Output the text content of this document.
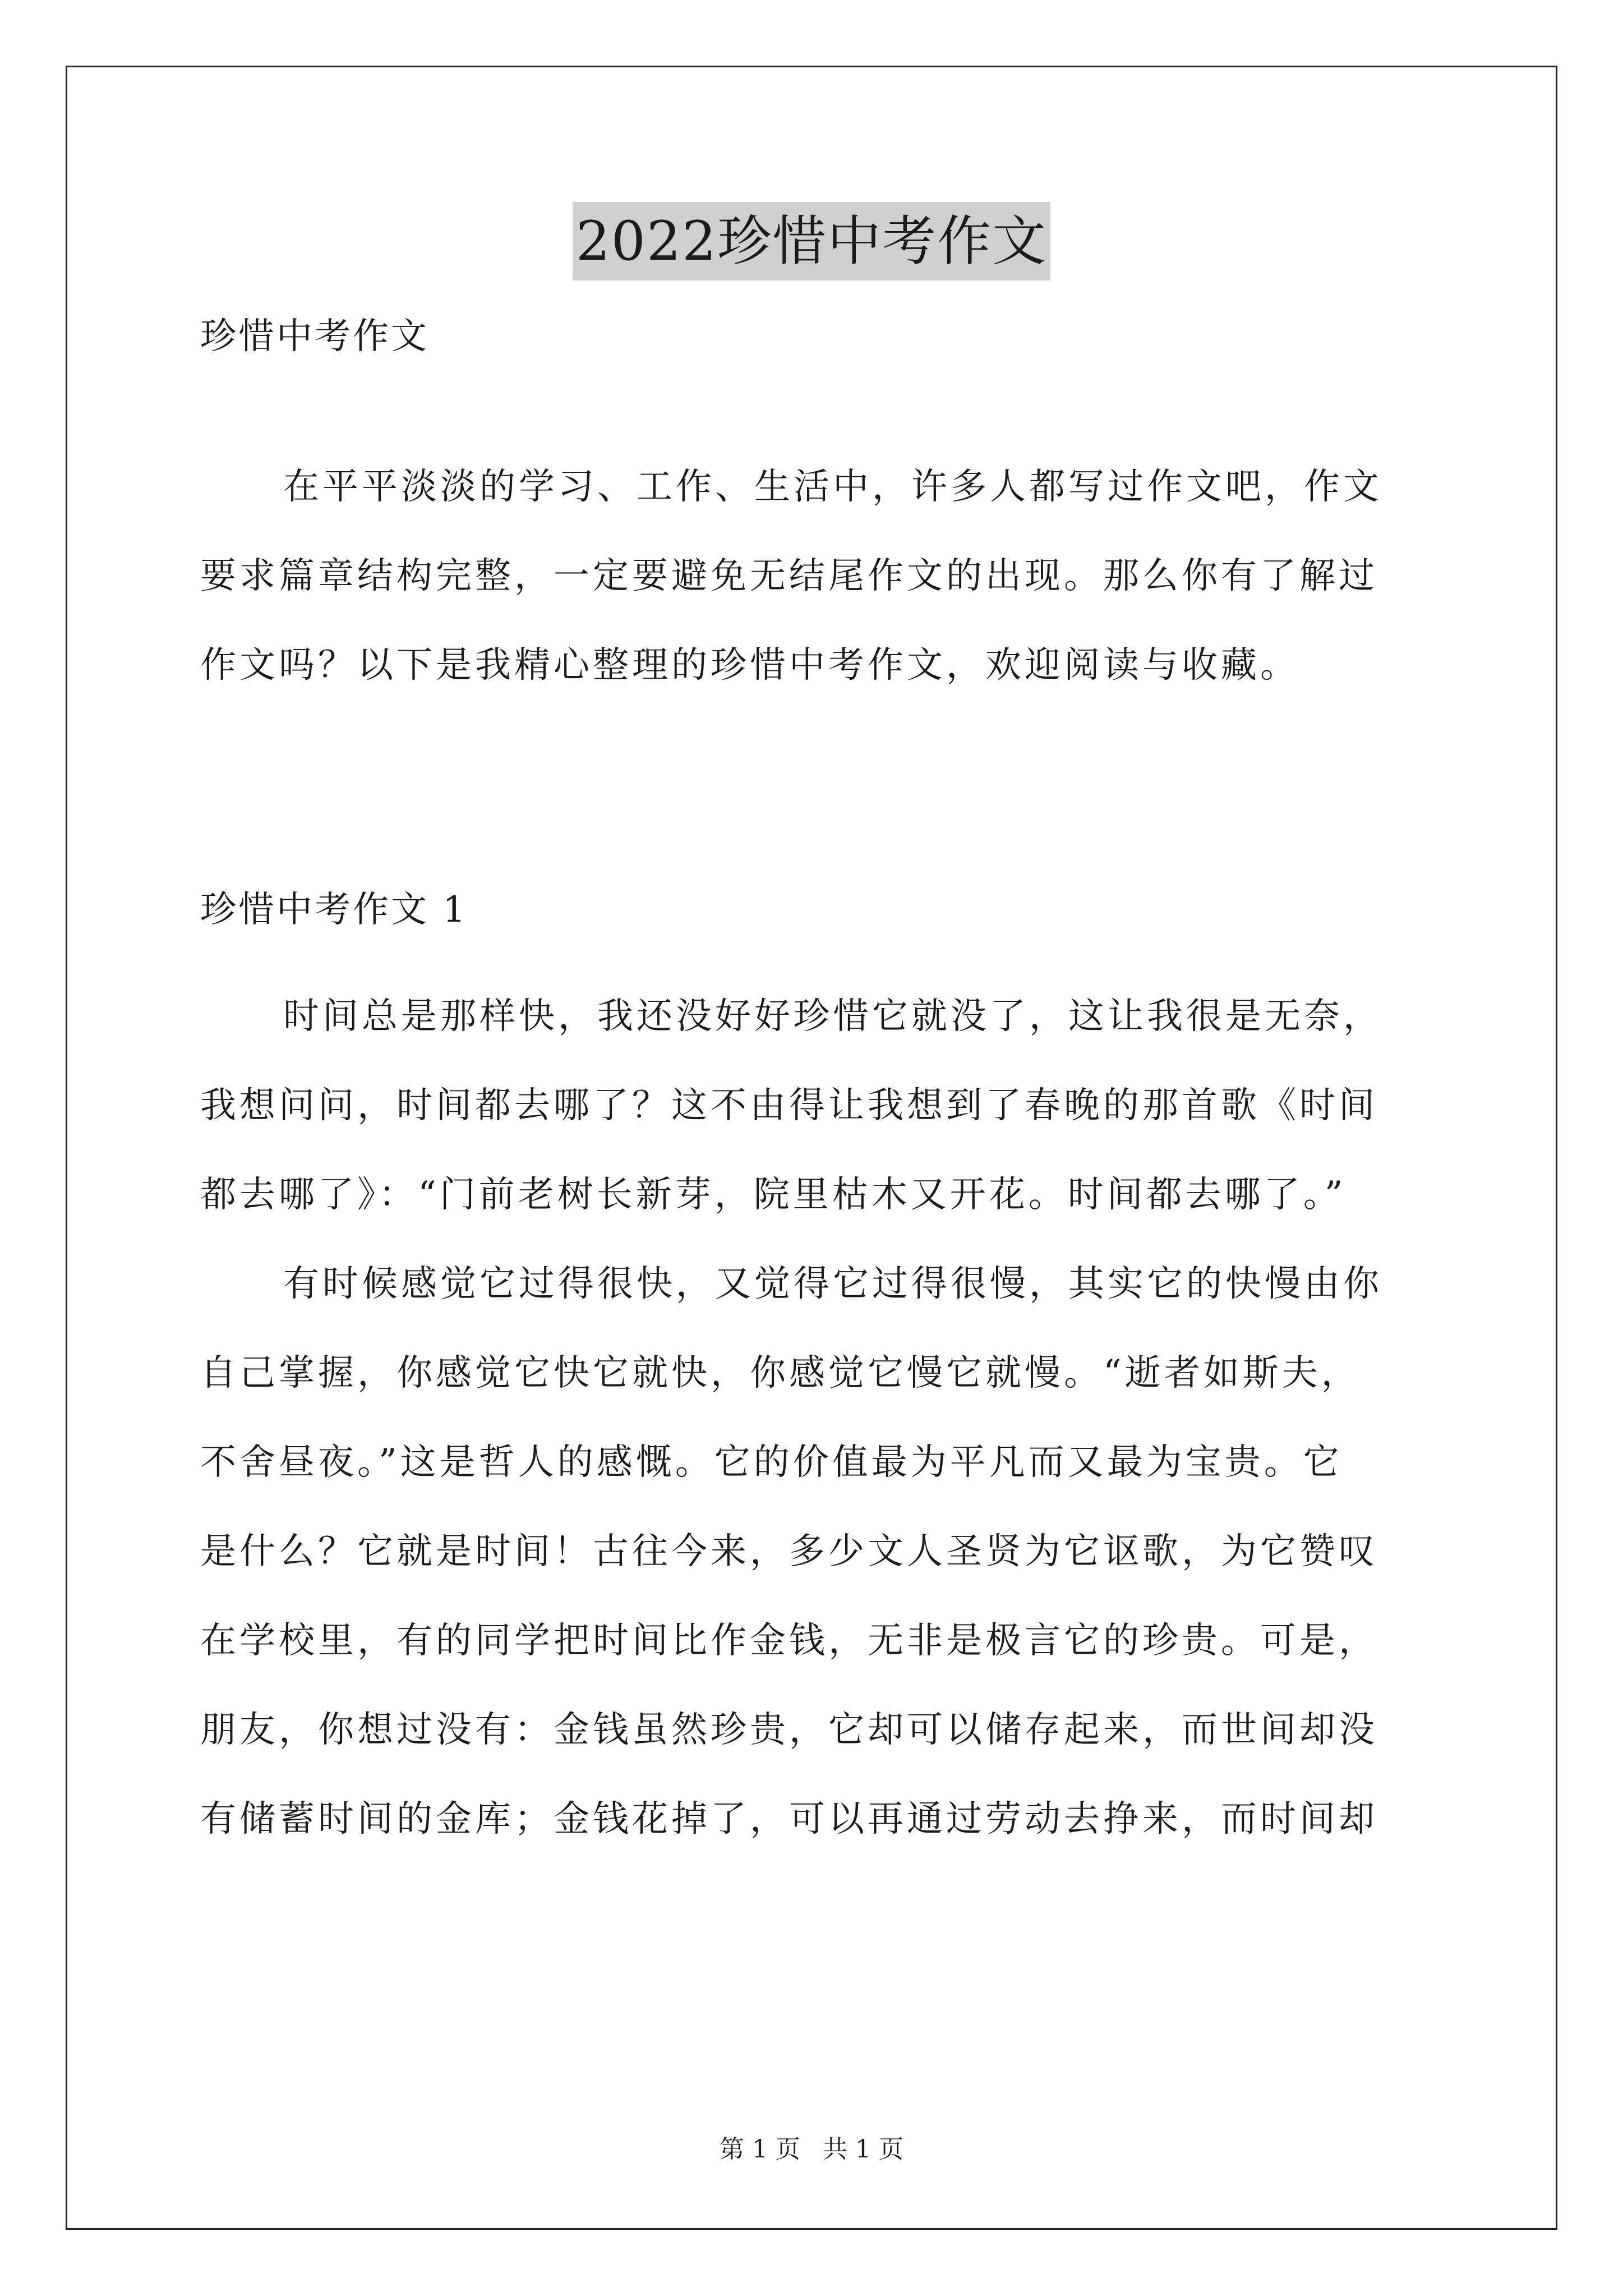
2022珍惜中考作文
珍惜中考作文
在平平淡淡的学习、工作、生活中，许多人都写过作文吧，作文
要求篇章结构完整，一定要避免无结尾作文的出现。那么你有了解过
作文吗？以下是我精心整理的珍惜中考作文，欢迎阅读与收藏。
珍惜中考作文 1
时间总是那样快，我还没好好珍惜它就没了，这让我很是无奈，
我想问问，时间都去哪了？这不由得让我想到了春晚的那首歌《时间
都去哪了》：“门前老树长新芽，院里枯木又开花。时间都去哪了。”
有时候感觉它过得很快，又觉得它过得很慢，其实它的快慢由你
自己掌握，你感觉它快它就快，你感觉它慢它就慢。“逝者如斯夫，
不舍昼夜。”这是哲人的感慨。它的价值最为平凡而又最为宝贵。它
是什么？它就是时间！古往今来，多少文人圣贤为它讴歌，为它赞叹
在学校里，有的同学把时间比作金钱，无非是极言它的珍贵。可是，
朋友，你想过没有：金钱虽然珍贵，它却可以储存起来，而世间却没
有储蓄时间的金库；金钱花掉了，可以再通过劳动去挣来，而时间却
第 1 页 共 1 页
